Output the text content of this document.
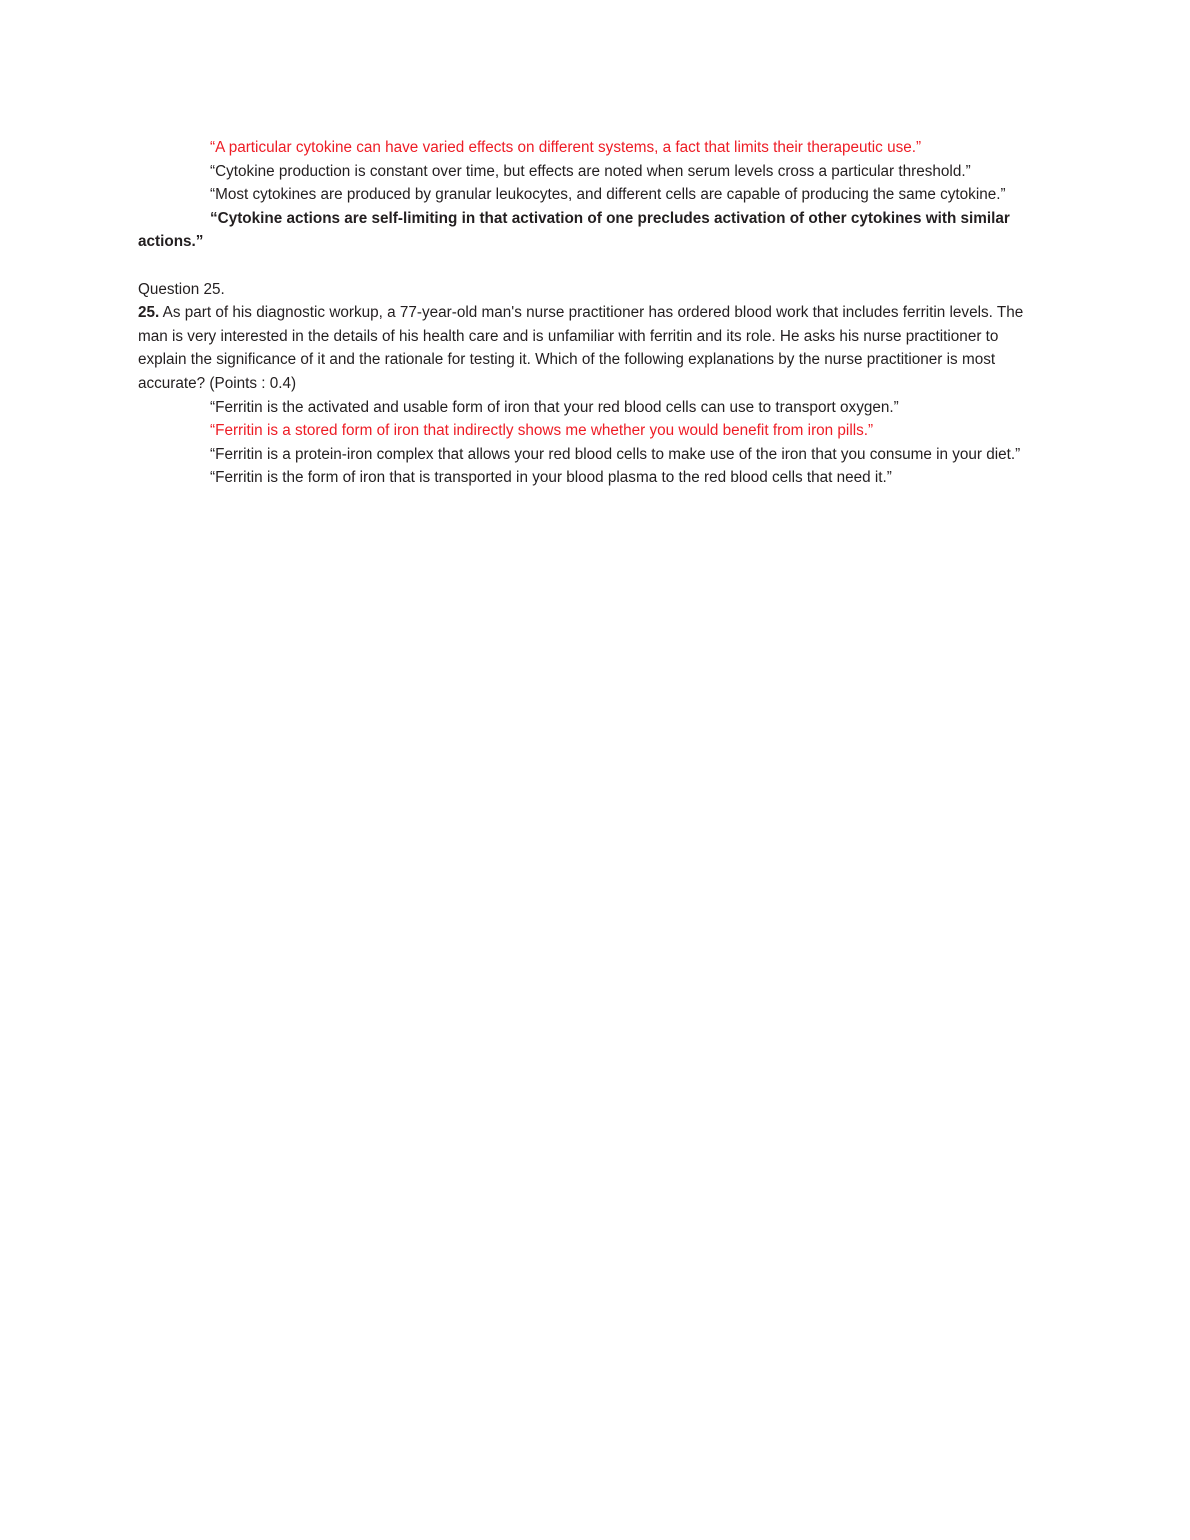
“A particular cytokine can have varied effects on different systems, a fact that limits their therapeutic use.”

“Cytokine production is constant over time, but effects are noted when serum levels cross a particular threshold.”

“Most cytokines are produced by granular leukocytes, and different cells are capable of producing the same cytokine.”

“Cytokine actions are self-limiting in that activation of one precludes activation of other cytokines with similar actions.”

Question 25.

25. As part of his diagnostic workup, a 77-year-old man's nurse practitioner has ordered blood work that includes ferritin levels. The man is very interested in the details of his health care and is unfamiliar with ferritin and its role. He asks his nurse practitioner to explain the significance of it and the rationale for testing it. Which of the following explanations by the nurse practitioner is most accurate? (Points : 0.4)

“Ferritin is the activated and usable form of iron that your red blood cells can use to transport oxygen.”

“Ferritin is a stored form of iron that indirectly shows me whether you would benefit from iron pills.”

“Ferritin is a protein-iron complex that allows your red blood cells to make use of the iron that you consume in your diet.”

“Ferritin is the form of iron that is transported in your blood plasma to the red blood cells that need it.”
